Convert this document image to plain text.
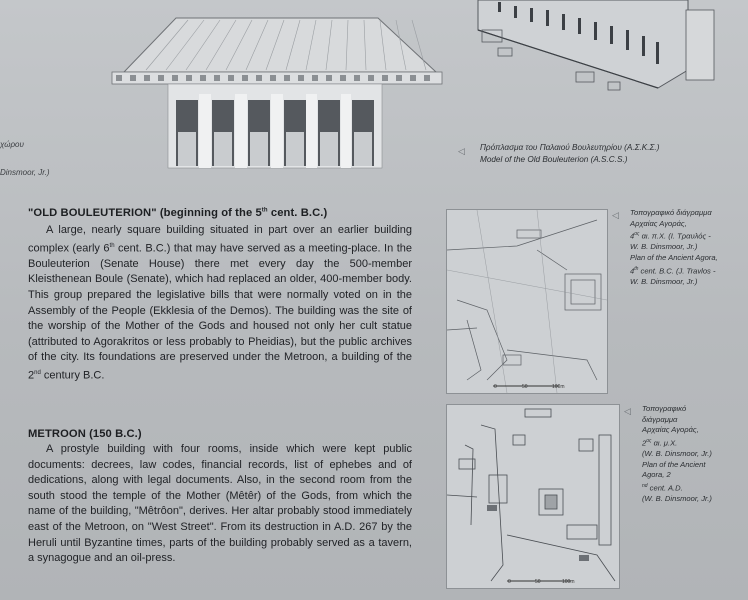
χώρου
Dinsmoor, Jr.)
◁ Πρόπλασμα του Παλαιού Βουλευτηρίου (Α.Σ.Κ.Σ.)
Model of the Old Bouleuterion (A.S.C.S.)
"OLD BOULEUTERION" (beginning of the 5th cent. B.C.)

A large, nearly square building situated in part over an earlier building complex (early 6th cent. B.C.) that may have served as a meeting-place. In the Bouleuterion (Senate House) there met every day the 500-member Kleisthenean Boule (Senate), which had replaced an older, 400-member body. This group prepared the legislative bills that were normally voted on in the Assembly of the People (Ekklesia of the Demos). The building was the site of the worship of the Mother of the Gods and housed not only her cult statue (attributed to Agorakritos or less probably to Pheidias), but the public archives of the city. Its foundations are preserved under the Metroon, a building of the 2nd century B.C.

0	50	100m
◁ Τοπογραφικό διάγραμμα
Αρχαίας Αγοράς,
$4^{o\varsigma}$ αι. π.Χ. (Ι. Τραυλός -
W. B. Dinsmoor, Jr.)
Plan of the Ancient Agora,
4th cent. B.C. (J. Travlos -
W. B. Dinsmoor, Jr.)
METROON (150 B.C.)

A prostyle building with four rooms, inside which were kept public documents: decrees, law codes, financial records, list of ephebes and of dedications, along with legal documents. Also, in the second room from the south stood the temple of the Mother (Mêtêr) of the Gods, from which the name of the building, "Mêtrôon", derives. Her altar probably stood immediately east of the Metroon, on "West Street". From its destruction in A.D. 267 by the Heruli until Byzantine times, parts of the building probably served as a tavern, a synagogue and an oil-press.

0	50	100m
◁ Τοπογραφικό
διάγραμμα
Αρχαίας Αγοράς,
$2^{o\varsigma}$ αι. μ.Χ.
(W. B. Dinsmoor, Jr.)
Plan of the Ancient
Agora, 2
$^{nd}$ cent. A.D.
(W. B. Dinsmoor, Jr.)
